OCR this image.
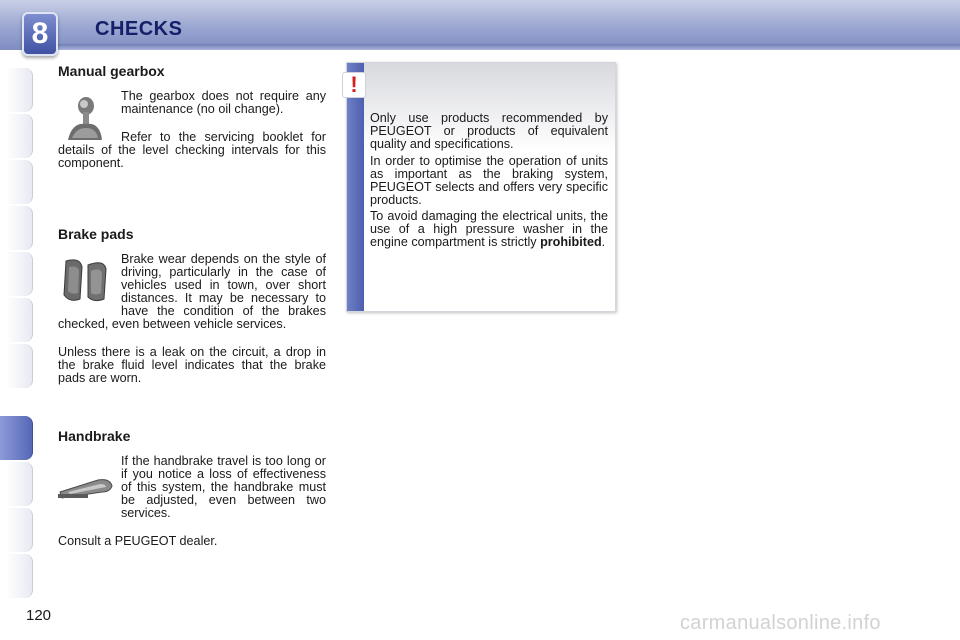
8	CHECKS
Manual gearbox
The gearbox does not require any maintenance (no oil change).
Refer to the servicing booklet for details of the level checking intervals for this component.
Brake pads
Brake wear depends on the style of driving, particularly in the case of vehicles used in town, over short distances. It may be necessary to have the condition of the brakes checked, even between vehicle services.
Unless there is a leak on the circuit, a drop in the brake fluid level indicates that the brake pads are worn.
Handbrake
If the handbrake travel is too long or if you notice a loss of effectiveness of this system, the handbrake must be adjusted, even between two services.
Consult a PEUGEOT dealer.
!
Only use products recommended by PEUGEOT or products of equivalent quality and specifications.
In order to optimise the operation of units as important as the braking system, PEUGEOT selects and offers very specific products.
To avoid damaging the electrical units, the use of a high pressure washer in the engine compartment is strictly prohibited.
120	carmanualsonline.info
